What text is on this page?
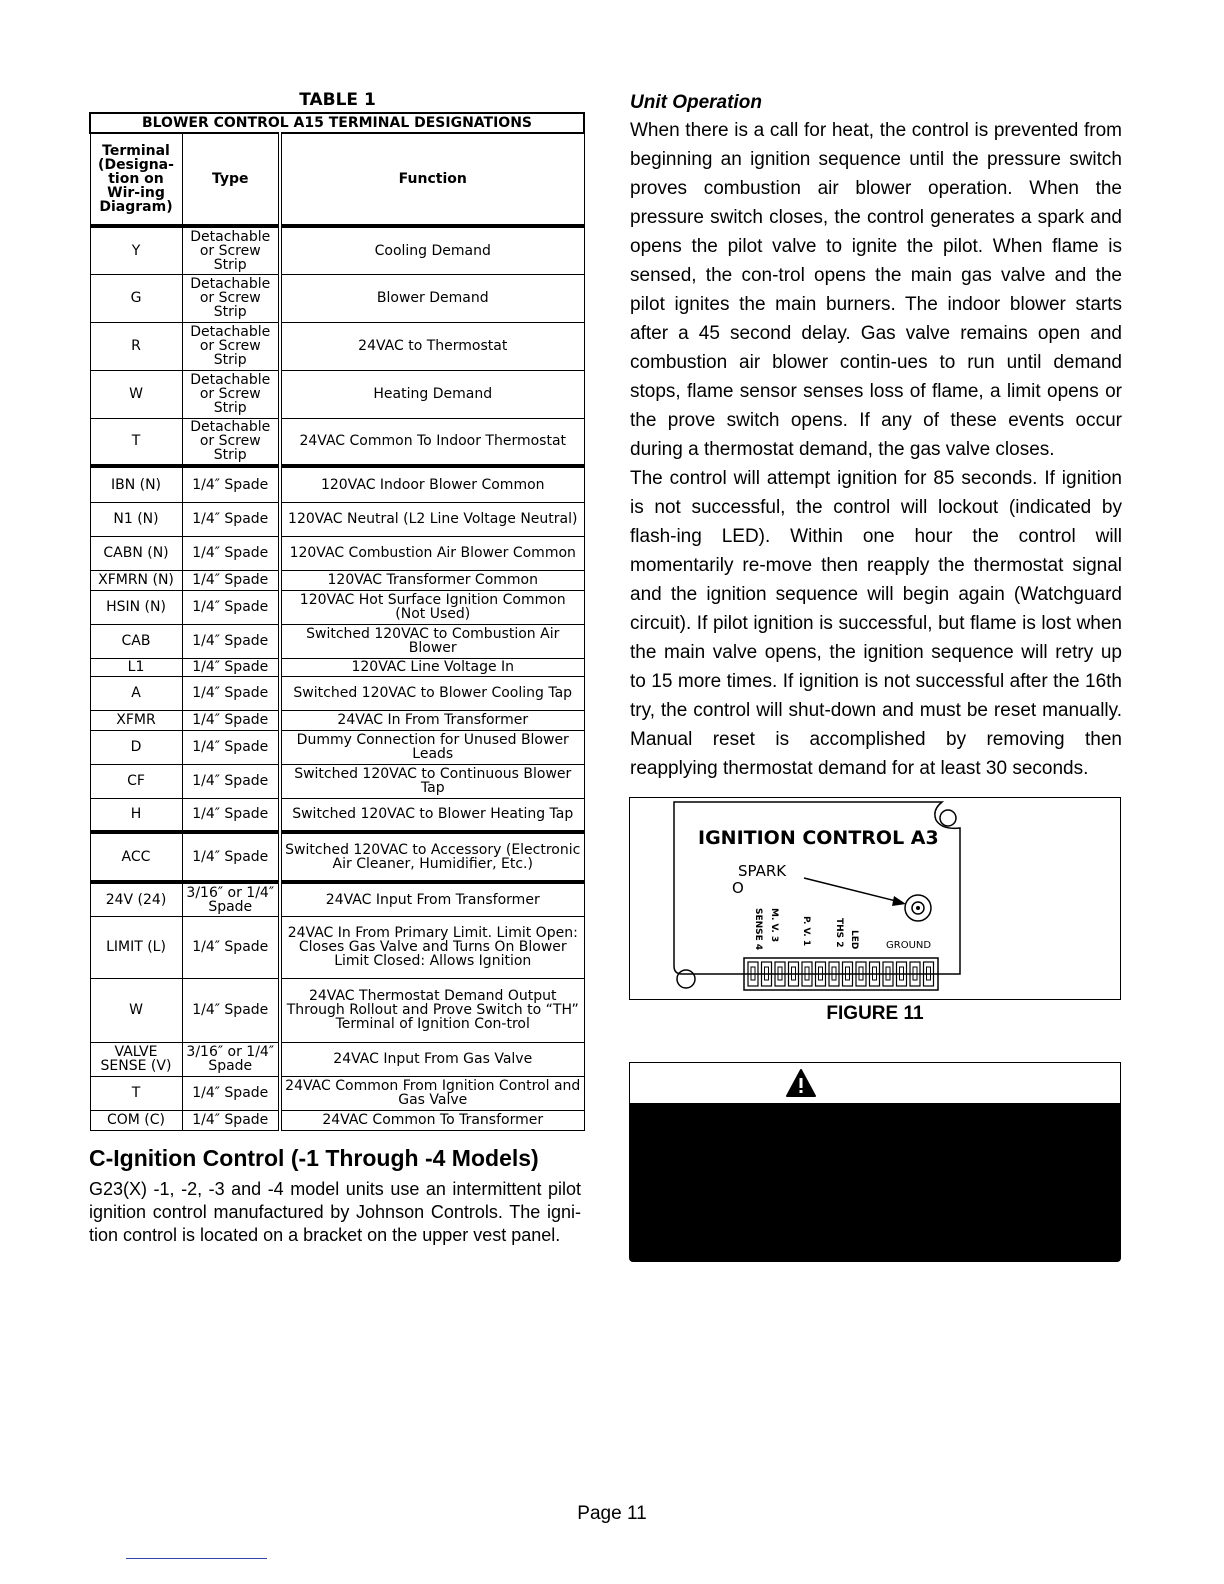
TABLE 1
BLOWER CONTROL A15 TERMINAL DESIGNATIONS		
Terminal (Designa-tion on Wir-ing Diagram)	Type	Function
Y	Detachable or Screw Strip	Cooling Demand
G	Detachable or Screw Strip	Blower Demand
R	Detachable or Screw Strip	24VAC to Thermostat
W	Detachable or Screw Strip	Heating Demand
T	Detachable or Screw Strip	24VAC Common To Indoor Thermostat
IBN (N)	1/4″ Spade	120VAC Indoor Blower Common
N1 (N)	1/4″ Spade	120VAC Neutral (L2 Line Voltage Neutral)
CABN (N)	1/4″ Spade	120VAC Combustion Air Blower Common
XFMRN (N)	1/4″ Spade	120VAC Transformer Common
HSIN (N)	1/4″ Spade	120VAC Hot Surface Ignition Common (Not Used)
CAB	1/4″ Spade	Switched 120VAC to Combustion Air Blower
L1	1/4″ Spade	120VAC Line Voltage In
A	1/4″ Spade	Switched 120VAC to Blower Cooling Tap
XFMR	1/4″ Spade	24VAC In From Transformer
D	1/4″ Spade	Dummy Connection for Unused Blower Leads
CF	1/4″ Spade	Switched 120VAC to Continuous Blower Tap
H	1/4″ Spade	Switched 120VAC to Blower Heating Tap
ACC	1/4″ Spade	Switched 120VAC to Accessory (Electronic Air Cleaner, Humidifier, Etc.)
24V (24)	3/16″ or 1/4″ Spade	24VAC Input From Transformer
LIMIT (L)	1/4″ Spade	24VAC In From Primary Limit. Limit Open: Closes Gas Valve and Turns On Blower Limit Closed: Allows Ignition
W	1/4″ Spade	24VAC Thermostat Demand Output Through Rollout and Prove Switch to “TH” Terminal of Ignition Con-trol
VALVE SENSE (V)	3/16″ or 1/4″ Spade	24VAC Input From Gas Valve
T	1/4″ Spade	24VAC Common From Ignition Control and Gas Valve
COM (C)	1/4″ Spade	24VAC Common To Transformer
C-Ignition Control (-1 Through -4 Models)

G23(X) -1, -2, -3 and -4 model units use an intermittent pilot ignition control manufactured by Johnson Controls. The igni-tion control is located on a bracket on the upper vest panel.

Unit Operation

When there is a call for heat, the control is prevented from beginning an ignition sequence until the pressure switch proves combustion air blower operation. When the pressure switch closes, the control generates a spark and opens the pilot valve to ignite the pilot. When flame is sensed, the con-trol opens the main gas valve and the pilot ignites the main burners. The indoor blower starts after a 45 second delay. Gas valve remains open and combustion air blower contin-ues to run until demand stops, flame sensor senses loss of flame, a limit opens or the prove switch opens. If any of these events occur during a thermostat demand, the gas valve closes.

The control will attempt ignition for 85 seconds. If ignition is not successful, the control will lockout (indicated by flash-ing LED). Within one hour the control will momentarily re-move then reapply the thermostat signal and the ignition sequence will begin again (Watchguard circuit). If pilot ignition is successful, but flame is lost when the main valve opens, the ignition sequence will retry up to 15 more times. If ignition is not successful after the 16th try, the control will shut-down and must be reset manually. Manual reset is accomplished by removing then reapplying thermostat demand for at least 30 seconds.

IGNITION CONTROL A3
SPARK
O
SENSE 4 M. V. 3 P. V. 1	THS 2 LED	GROUND
FIGURE 11
Page 11
